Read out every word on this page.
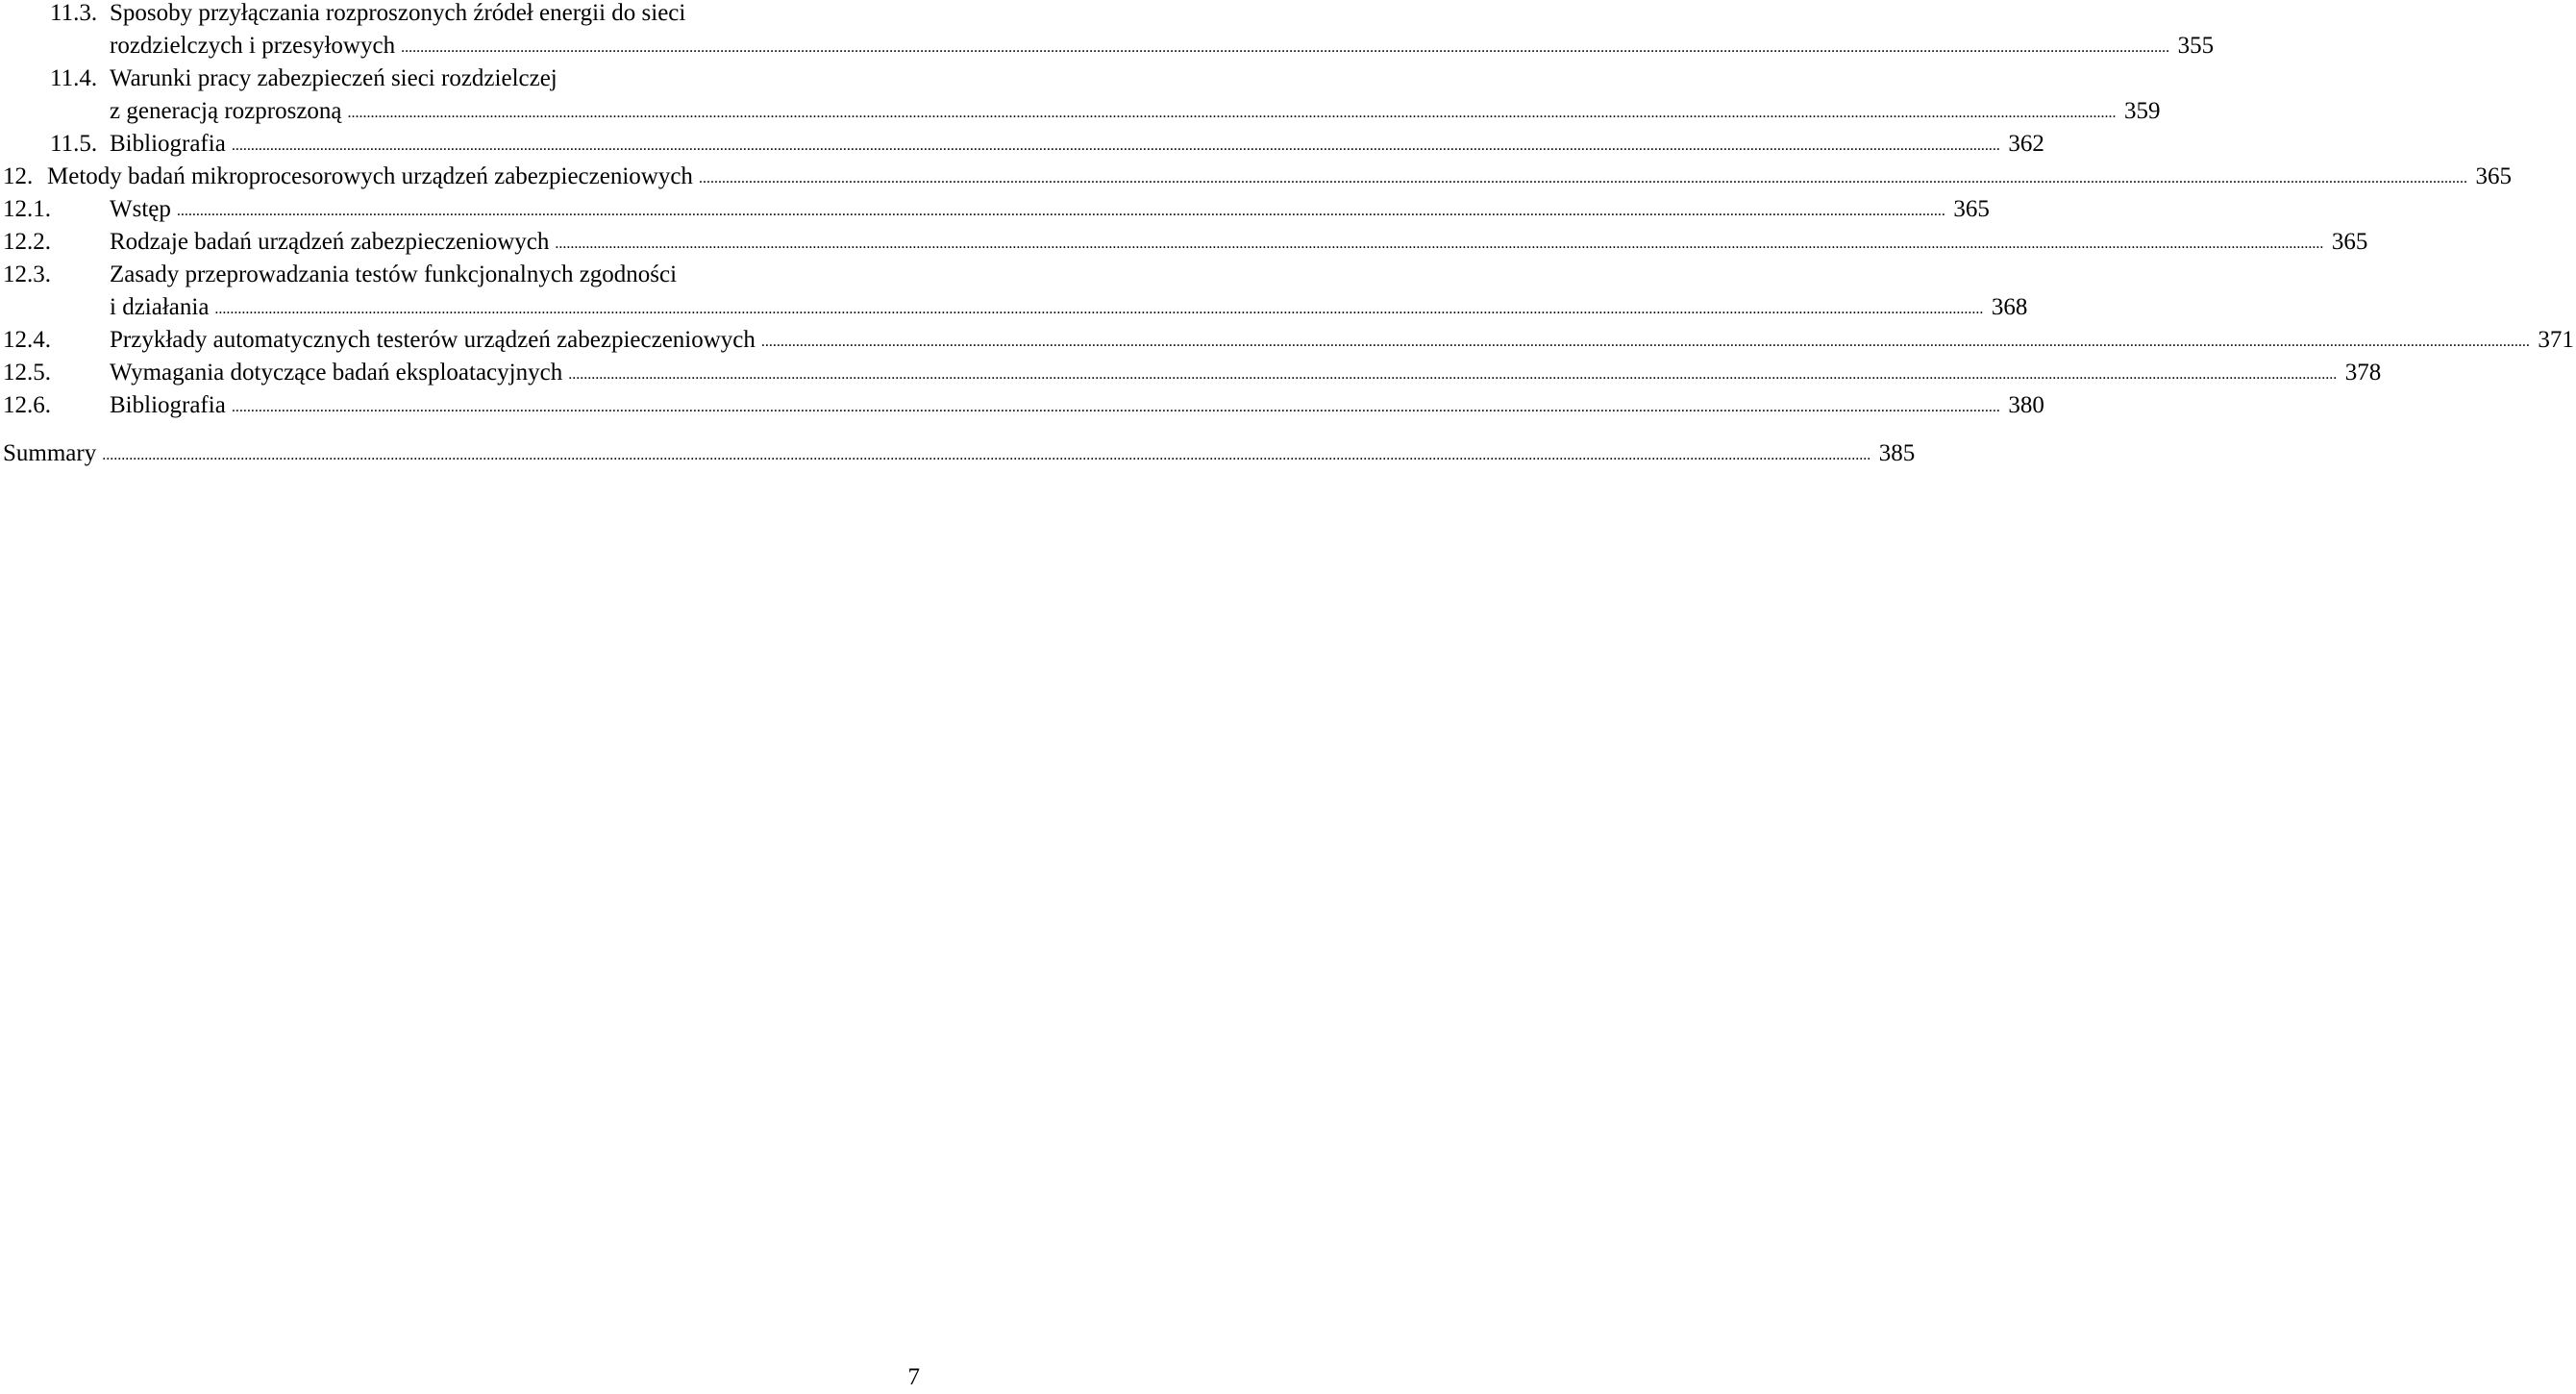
11.3. Sposoby przyłączania rozproszonych źródeł energii do sieci
rozdzielczych i przesyłowych .....	355
11.4. Warunki pracy zabezpieczeń sieci rozdzielczej
z generacją rozproszoną .....	359
11.5. Bibliografia .....	362
12. Metody badań mikroprocesorowych urządzeń zabezpieczeniowych .....	365
12.1.	Wstęp .....	365
12.2.	Rodzaje badań urządzeń zabezpieczeniowych .....	365
12.3.	Zasady przeprowadzania testów funkcjonalnych zgodności
i działania .....	368
12.4.	Przykłady automatycznych testerów urządzeń zabezpieczeniowych .....	371
12.5.	Wymagania dotyczące badań eksploatacyjnych .....	378
12.6.	Bibliografia .....	380
Summary .....	385
7
